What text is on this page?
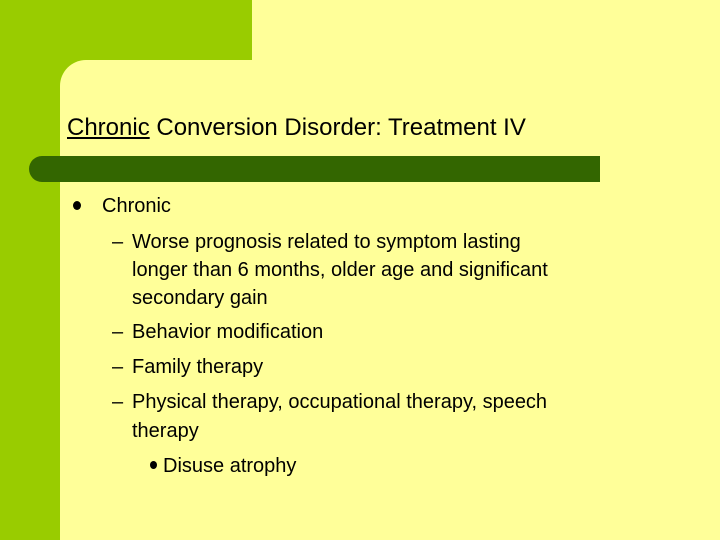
Chronic Conversion Disorder: Treatment IV
Chronic
– Worse prognosis related to symptom lasting
longer than 6 months, older age and significant
secondary gain
– Behavior modification
– Family therapy
– Physical therapy, occupational therapy, speech
therapy
Disuse atrophy
